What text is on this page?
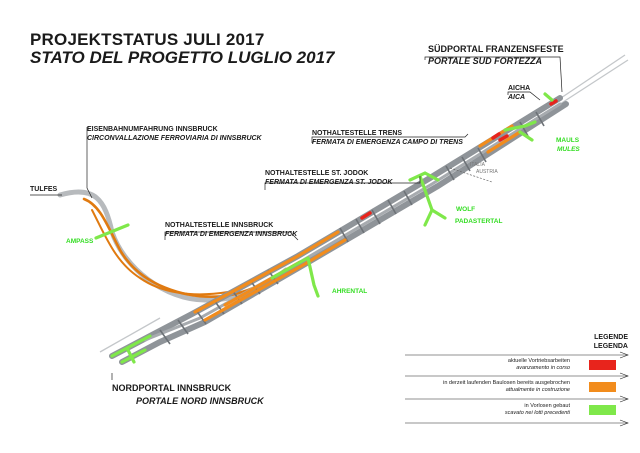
PROJEKTSTATUS JULI 2017
STATO DEL PROGETTO LUGLIO 2017	SÜDPORTAL FRANZENSFESTE
PORTALE SUD FORTEZZA
AICHA
AICA
NOTHALTESTELLE TRENS
FERMATA DI EMERGENZA CAMPO DI TRENS
NOTHALTESTELLE ST. JODOK
FERMATA DI EMERGENZA ST. JODOK
NOTHALTESTELLE INNSBRUCK
FERMATA DI EMERGENZA INNSBRUCK
EISENBAHNUMFAHRUNG INNSBRUCK
CIRCONVALLAZIONE FERROVIARIA DI INNSBRUCK
TULFES
NORDPORTAL INNSBRUCK
PORTALE NORD INNSBRUCK
ITALIA
AUSTRIA
AMPASS
AHRENTAL
WOLF
PADASTERTAL
MAULS
MULES
LEGENDE
LEGENDA
aktuelle Vortriebsarbeiten
avanzamento in corso
in derzeit laufenden Baulosen bereits ausgebrochen
attualmente in costruzione
in Vorlosen gebaut
scavato nei lotti precedenti
